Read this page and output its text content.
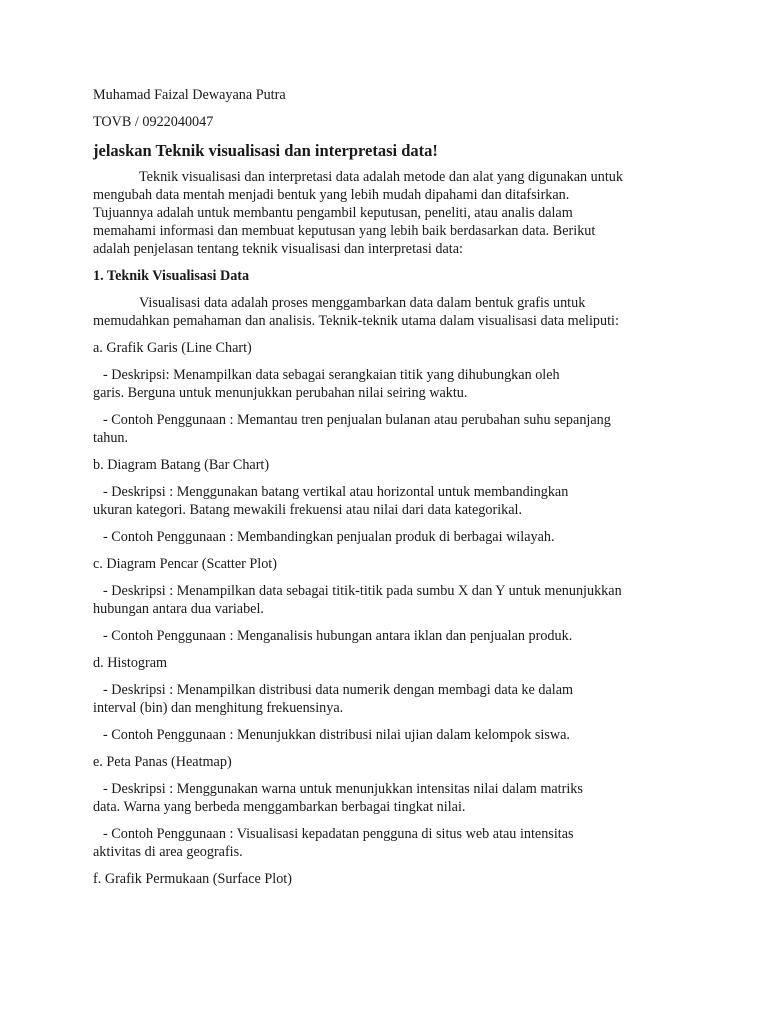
Muhamad Faizal Dewayana Putra

TOVB / 0922040047

jelaskan Teknik visualisasi dan interpretasi data!

Teknik visualisasi dan interpretasi data adalah metode dan alat yang digunakan untuk
mengubah data mentah menjadi bentuk yang lebih mudah dipahami dan ditafsirkan.
Tujuannya adalah untuk membantu pengambil keputusan, peneliti, atau analis dalam
memahami informasi dan membuat keputusan yang lebih baik berdasarkan data. Berikut
adalah penjelasan tentang teknik visualisasi dan interpretasi data:

1. Teknik Visualisasi Data

Visualisasi data adalah proses menggambarkan data dalam bentuk grafis untuk
memudahkan pemahaman dan analisis. Teknik-teknik utama dalam visualisasi data meliputi:

a. Grafik Garis (Line Chart)

- Deskripsi: Menampilkan data sebagai serangkaian titik yang dihubungkan oleh
garis. Berguna untuk menunjukkan perubahan nilai seiring waktu.

- Contoh Penggunaan : Memantau tren penjualan bulanan atau perubahan suhu sepanjang
tahun.

b. Diagram Batang (Bar Chart)

- Deskripsi : Menggunakan batang vertikal atau horizontal untuk membandingkan
ukuran kategori. Batang mewakili frekuensi atau nilai dari data kategorikal.

- Contoh Penggunaan : Membandingkan penjualan produk di berbagai wilayah.

c. Diagram Pencar (Scatter Plot)

- Deskripsi : Menampilkan data sebagai titik-titik pada sumbu X dan Y untuk menunjukkan
hubungan antara dua variabel.

- Contoh Penggunaan : Menganalisis hubungan antara iklan dan penjualan produk.

d. Histogram

- Deskripsi : Menampilkan distribusi data numerik dengan membagi data ke dalam
interval (bin) dan menghitung frekuensinya.

- Contoh Penggunaan : Menunjukkan distribusi nilai ujian dalam kelompok siswa.

e. Peta Panas (Heatmap)

- Deskripsi : Menggunakan warna untuk menunjukkan intensitas nilai dalam matriks
data. Warna yang berbeda menggambarkan berbagai tingkat nilai.

- Contoh Penggunaan : Visualisasi kepadatan pengguna di situs web atau intensitas
aktivitas di area geografis.

f. Grafik Permukaan (Surface Plot)
